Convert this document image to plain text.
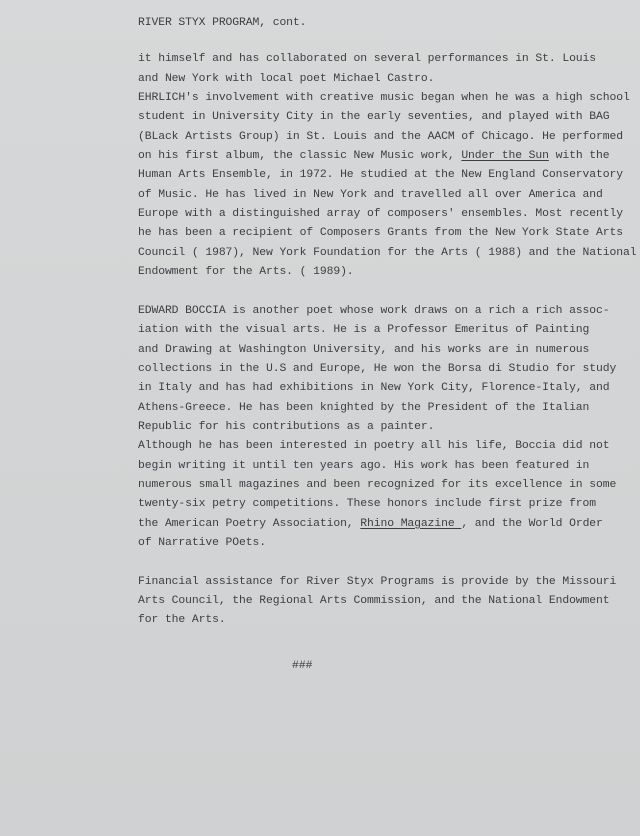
RIVER STYX PROGRAM, cont.
it himself and has collaborated on several performances in St. Louis
and New York with local poet Michael Castro.
EHRLICH's involvement with creative music began when he was a high school
student in University City in the early seventies, and played with BAG
(BLack Artists Group) in St. Louis and the AACM of Chicago. He performed
on his first album, the classic New Music work, Under the Sun with the
Human Arts Ensemble, in 1972. He studied at the New England Conservatory
of Music. He has lived in New York and travelled all over America and
Europe with a distinguished array of composers' ensembles. Most recently
he has been a recipient of Composers Grants from the New York State Arts
Council ( 1987), New York Foundation for the Arts ( 1988) and the National
Endowment for the Arts. ( 1989).
EDWARD BOCCIA is another poet whose work draws on a rich a rich assoc-
iation with the visual arts. He is a Professor Emeritus of Painting
and Drawing at Washington University, and his works are in numerous
collections in the U.S and Europe, He won the Borsa di Studio for study
in Italy and has had exhibitions in New York City, Florence-Italy, and
Athens-Greece. He has been knighted by the President of the Italian
Republic for his contributions as a painter.
Although he has been interested in poetry all his life, Boccia did not
begin writing it until ten years ago. His work has been featured in
numerous small magazines and been recognized for its excellence in some
twenty-six petry competitions. These honors include first prize from
the American Poetry Association, Rhino Magazine , and the World Order
of Narrative POets.
Financial assistance for River Styx Programs is provide by the Missouri
Arts Council, the Regional Arts Commission, and the National Endowment
for the Arts.
###
